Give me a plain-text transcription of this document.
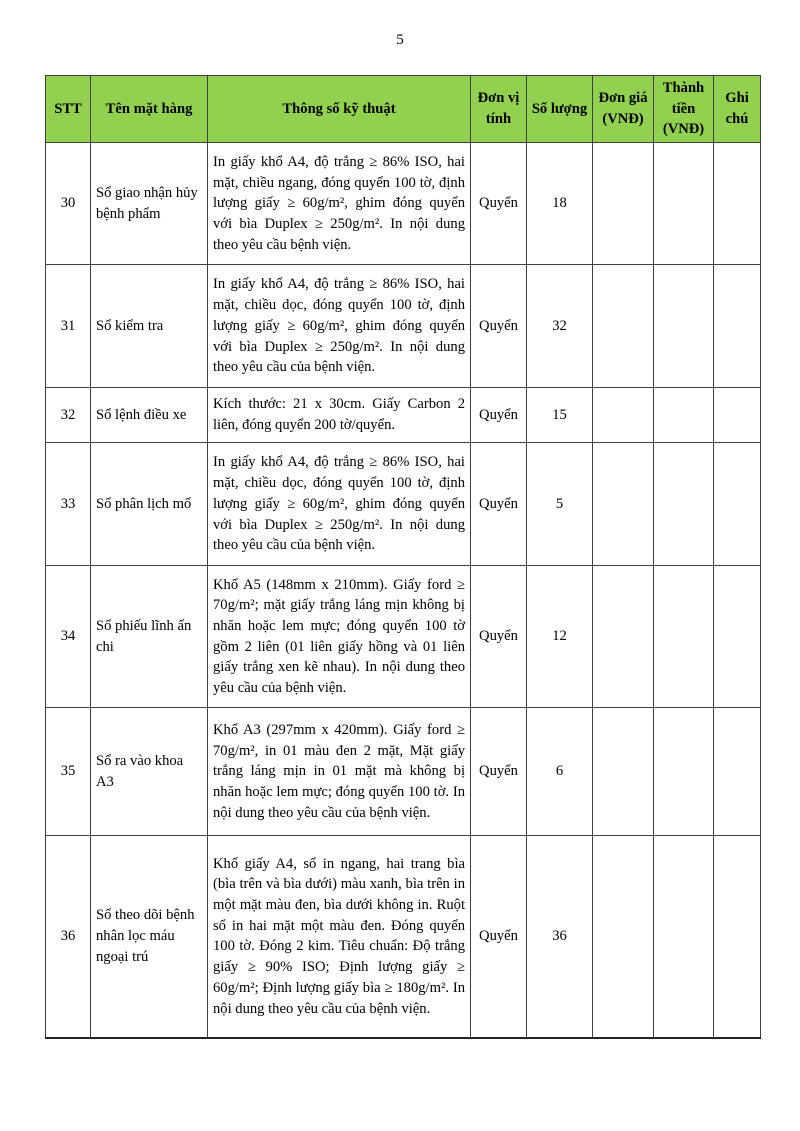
5
STT	Tên mặt hàng	Thông số kỹ thuật	Đơn vị tính	Số lượng	Đơn giá (VNĐ)	Thành tiền (VNĐ)	Ghi chú
30	Sổ giao nhận hủy bệnh phẩm	In giấy khổ A4, độ trắng ≥ 86% ISO, hai mặt, chiều ngang, đóng quyển 100 tờ, định lượng giấy ≥ 60g/m², ghim đóng quyển với bìa Duplex ≥ 250g/m². In nội dung theo yêu cầu bệnh viện.	Quyển	18			
31	Sổ kiểm tra	In giấy khổ A4, độ trắng ≥ 86% ISO, hai mặt, chiều dọc, đóng quyển 100 tờ, định lượng giấy ≥ 60g/m², ghim đóng quyển với bìa Duplex ≥ 250g/m². In nội dung theo yêu cầu của bệnh viện.	Quyển	32			
32	Sổ lệnh điều xe	Kích thước: 21 x 30cm. Giấy Carbon 2 liên, đóng quyển 200 tờ/quyển.	Quyển	15			
33	Sổ phân lịch mổ	In giấy khổ A4, độ trắng ≥ 86% ISO, hai mặt, chiều dọc, đóng quyển 100 tờ, định lượng giấy ≥ 60g/m², ghim đóng quyển với bìa Duplex ≥ 250g/m². In nội dung theo yêu cầu của bệnh viện.	Quyển	5			
34	Sổ phiếu lĩnh ấn chi	Khổ A5 (148mm x 210mm). Giấy ford ≥ 70g/m²; mặt giấy trắng láng mịn không bị nhăn hoặc lem mực; đóng quyển 100 tờ gồm 2 liên (01 liên giấy hồng và 01 liên giấy trắng xen kẽ nhau). In nội dung theo yêu cầu của bệnh viện.	Quyển	12			
35	Sổ ra vào khoa A3	Khổ A3 (297mm x 420mm). Giấy ford ≥ 70g/m², in 01 màu đen 2 mặt, Mặt giấy trắng láng mịn in 01 mặt mà không bị nhăn hoặc lem mực; đóng quyển 100 tờ. In nội dung theo yêu cầu của bệnh viện.	Quyển	6			
36	Sổ theo dõi bệnh nhân lọc máu ngoại trú	Khổ giấy A4, sổ in ngang, hai trang bìa (bìa trên và bìa dưới) màu xanh, bìa trên in một mặt màu đen, bìa dưới không in. Ruột sổ in hai mặt một màu đen. Đóng quyển 100 tờ. Đóng 2 kim. Tiêu chuẩn: Độ trắng giấy ≥ 90% ISO; Định lượng giấy ≥ 60g/m²; Định lượng giấy bìa ≥ 180g/m². In nội dung theo yêu cầu của bệnh viện.	Quyển	36			
